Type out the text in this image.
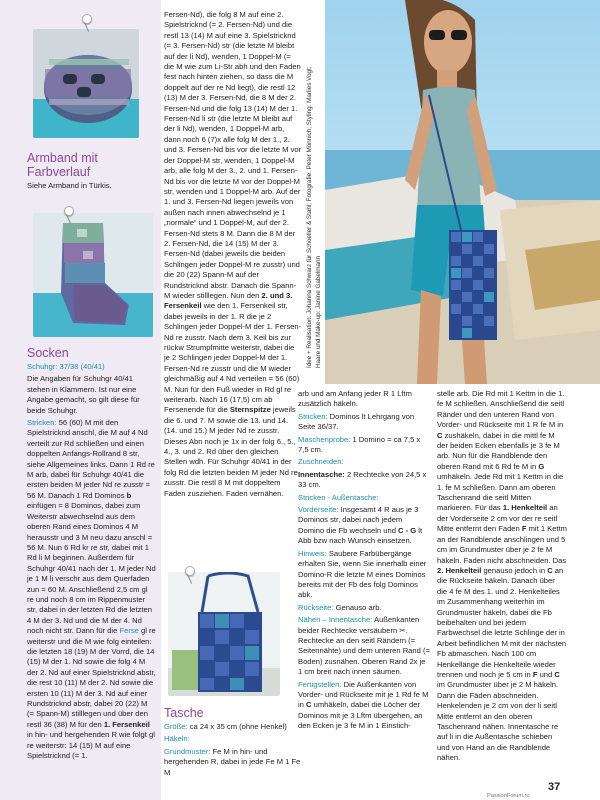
Armband mit Farbverlauf

Siehe Armband in Türkis.

Socken

Schuhgr: 37/38 (40/41)

Die Angaben für Schuhgr 40/41 stehen in Klammern. Ist nur eine Angabe gemacht, so gilt diese für beide Schuhgr.

Stricken: 56 (60) M mit den Spielstricknd anschl, die M auf 4 Nd verteilt zur Rd schließen und einen doppelten Anfangs-Rollrand 8 str, siehe Allgemeines links. Dann 1 Rd re M arb, dabei für Schuhgr 40/41 die ersten beiden M jeder Nd re zusstr = 56 M. Danach 1 Rd Dominos b einfügen = 8 Dominos, dabei zum Weiterstr abwechselnd aus dem oberen Rand eines Dominos 4 M herausstr und 3 M neu dazu anschl = 56 M. Nun 6 Rd kr re str, dabei mit 1 Rd li M beginnen. Außerdem für Schuhgr 40/41 nach der 1. M jeder Nd je 1 M li verschr aus dem Querfaden zun = 60 M. Anschließend 2,5 cm gl re und noch 8 cm im Rippenmuster str, dabei in der letzten Rd die letzten 4 M der 3. Nd und die M der 4. Nd noch nicht str. Dann für die Ferse gl re weiterstr und die M wie folg einteilen: die letzten 18 (19) M der Vorrd, die 14 (15) M der 1. Nd sowie die folg 4 M der 2. Nd auf einer Spielstricknd abstr, die rest 10 (11) M der 2. Nd sowie die ersten 10 (11) M der 3. Nd auf einer Rundstricknd abstr, dabei 20 (22) M (= Spann-M) stilllegen und über den restl 36 (38) M für den 1. Fersenkeil in hin- und hergehenden R wie folgt gl re weiterstr: 14 (15) M auf eine Spielstricknd (= 1.

Fersen-Nd), die folg 8 M auf eine 2. Spielstricknd (= 2. Fersen-Nd) und die restl 13 (14) M auf eine 3. Spielstricknd (= 3. Fersen-Nd) str (die letzte M bleibt auf der li Nd), wenden, 1 Doppel-M (= die M wie zum Li-Str abh und den Faden fest nach hinten ziehen, so dass die M doppelt auf der re Nd liegt), die restl 12 (13) M der 3. Fersen-Nd, die 8 M der 2. Fersen-Nd und die folg 13 (14) M der 1. Fersen-Nd li str (die letzte M bleibt auf der li Nd), wenden, 1 Doppel-M arb, dann noch 6 (7)x alle folg M der 1., 2. und 3. Fersen-Nd bis vor die letzte M vor der Doppel-M str, wenden, 1 Doppel-M arb, alle folg M der 3., 2. und 1. Fersen-Nd bis vor die letzte M vor der Doppel-M str, wenden und 1 Doppel-M arb. Auf der 1. und 3. Fersen-Nd liegen jeweils von außen nach innen abwechselnd je 1 „normale“ und 1 Doppel-M, auf der 2. Fersen-Nd stets 8 M. Dann die 8 M der 2. Fersen-Nd, die 14 (15) M der 3. Fersen-Nd (dabei jeweils die beiden Schlingen jeder Doppel-M re zusstr) und die 20 (22) Spann-M auf der Rundstricknd abstr. Danach die Spann-M wieder stilllegen. Nun den 2. und 3. Fersenkeil wie den 1. Fersenkeil str, dabei jeweils in der 1. R die je 2 Schlingen jeder Doppel-M der 1. Fersen-Nd re zusstr. Nach dem 3. Keil bis zur rückw Strumpfmitte weiterstr, dabei die je 2 Schlingen jeder Doppel-M der 1. Fersen-Nd re zusstr und die M wieder gleichmäßig auf 4 Nd verteilen = 56 (60) M. Nun für den Fuß wieder in Rd gl re weiterarb. Nach 16 (17,5) cm ab Fersenende für die Sternspitze jeweils die 6. und 7. M sowie die 13. und 14. (14. und 15.) M jeder Nd re zusstr. Dieses Abn noch je 1x in der folg 6., 5., 4., 3. und 2. Rd über den gleichen Stellen wdh. Für Schuhgr 40/41 in der folg Rd die letzten beiden M jeder Nd re zusstr. Die restl 8 M mit doppeltem Faden zusziehen. Faden vernähen.

Tasche

Größe: ca 24 x 35 cm (ohne Henkel)

Häkeln:

Grundmuster: Fe M in hin- und hergehenden R, dabei in jede Fe M 1 Fe M

Idee + Realisation: Johanna Schwarz für Schoeller & Stahl; Fotografie: Peter Mönnich; Styling: Marlies Vogt; Haare und Make-up: Janine Gabelmann

arb und am Anfang jeder R 1 Lftm zusätzlich häkeln.

Stricken: Dominos lt Lehrgang von Seite 36/37.

Maschenprobe: 1 Domino = ca 7,5 x 7,5 cm.

Zuschneiden:

Innentasche: 2 Rechtecke von 24,5 x 33 cm.

Stricken - Außentasche:

Vorderseite: Insgesamt 4 R aus je 3 Dominos str, dabei nach jedem Domino die Fb wechseln und C - G lt Abb bzw nach Wunsch einsetzen.

Hinweis: Saubere Farbübergänge erhalten Sie, wenn Sie innerhalb einer Domino-R die letzte M eines Dominos bereits mit der Fb des folg Dominos abk.

Rückseite: Genauso arb.

Nähen – Innentasche: Außenkanten beider Rechtecke versäubern ✂. Rechtecke an den seitl Rändern (= Seitennähte) und dem unteren Rand (= Boden) zusnähen. Oberen Rand 2x je 1 cm breit nach innen säumen.

Fertigstellen: Die Außenkanten von Vorder- und Rückseite mit je 1 Rd fe M in C umhäkeln, dabei die Löcher der Dominos mit je 3 Lftm übergehen, an den Ecken je 3 fe M in 1 Einstich-

stelle arb. Die Rd mit 1 Kettm in die 1. fe M schließen. Anschließend die seitl Ränder und den unteren Rand von Vorder- und Rückseite mit 1 R fe M in C zushäkeln, dabei in die mittl fe M der beiden Ecken ebenfalls je 3 fe M arb. Nun für die Randblende den oberen Rand mit 6 Rd fe M in G umhäkeln. Jede Rd mit 1 Kettm in die 1. fe M schließen. Dann am oberen Taschenrand die seitl Mitten markieren. Für das 1. Henkelteil an der Vorderseite 2 cm vor der re seitl Mitte entfernt den Faden F mit 1 Kettm an der Randblende anschlingen und 5 cm im Grundmuster über je 2 fe M häkeln. Faden nicht abschneiden. Das 2. Henkelteil genauso jedoch in C an die Rückseite häkeln. Danach über die 4 fe M des 1. und 2. Henkelteiles im Zusammenhang weiterhin im Grundmuster häkeln, dabei die Fb beibehalten und bei jedem Farbwechsel die letzte Schlinge der in Arbeit befindlichen M mit der nächsten Fb abmaschen. Nach 100 cm Henkellänge die Henkelteile wieder trennen und noch je 5 cm in F und C im Grundmuster über je 2 M häkeln. Dann die Fäden abschneiden. Henkelenden je 2 cm von der li seitl Mitte entfernt an den oberen Taschenrand nähen. Innentasche re auf li in die Außentasche schieben und von Hand an die Randblende nähen.

37
PassionForum.ru
